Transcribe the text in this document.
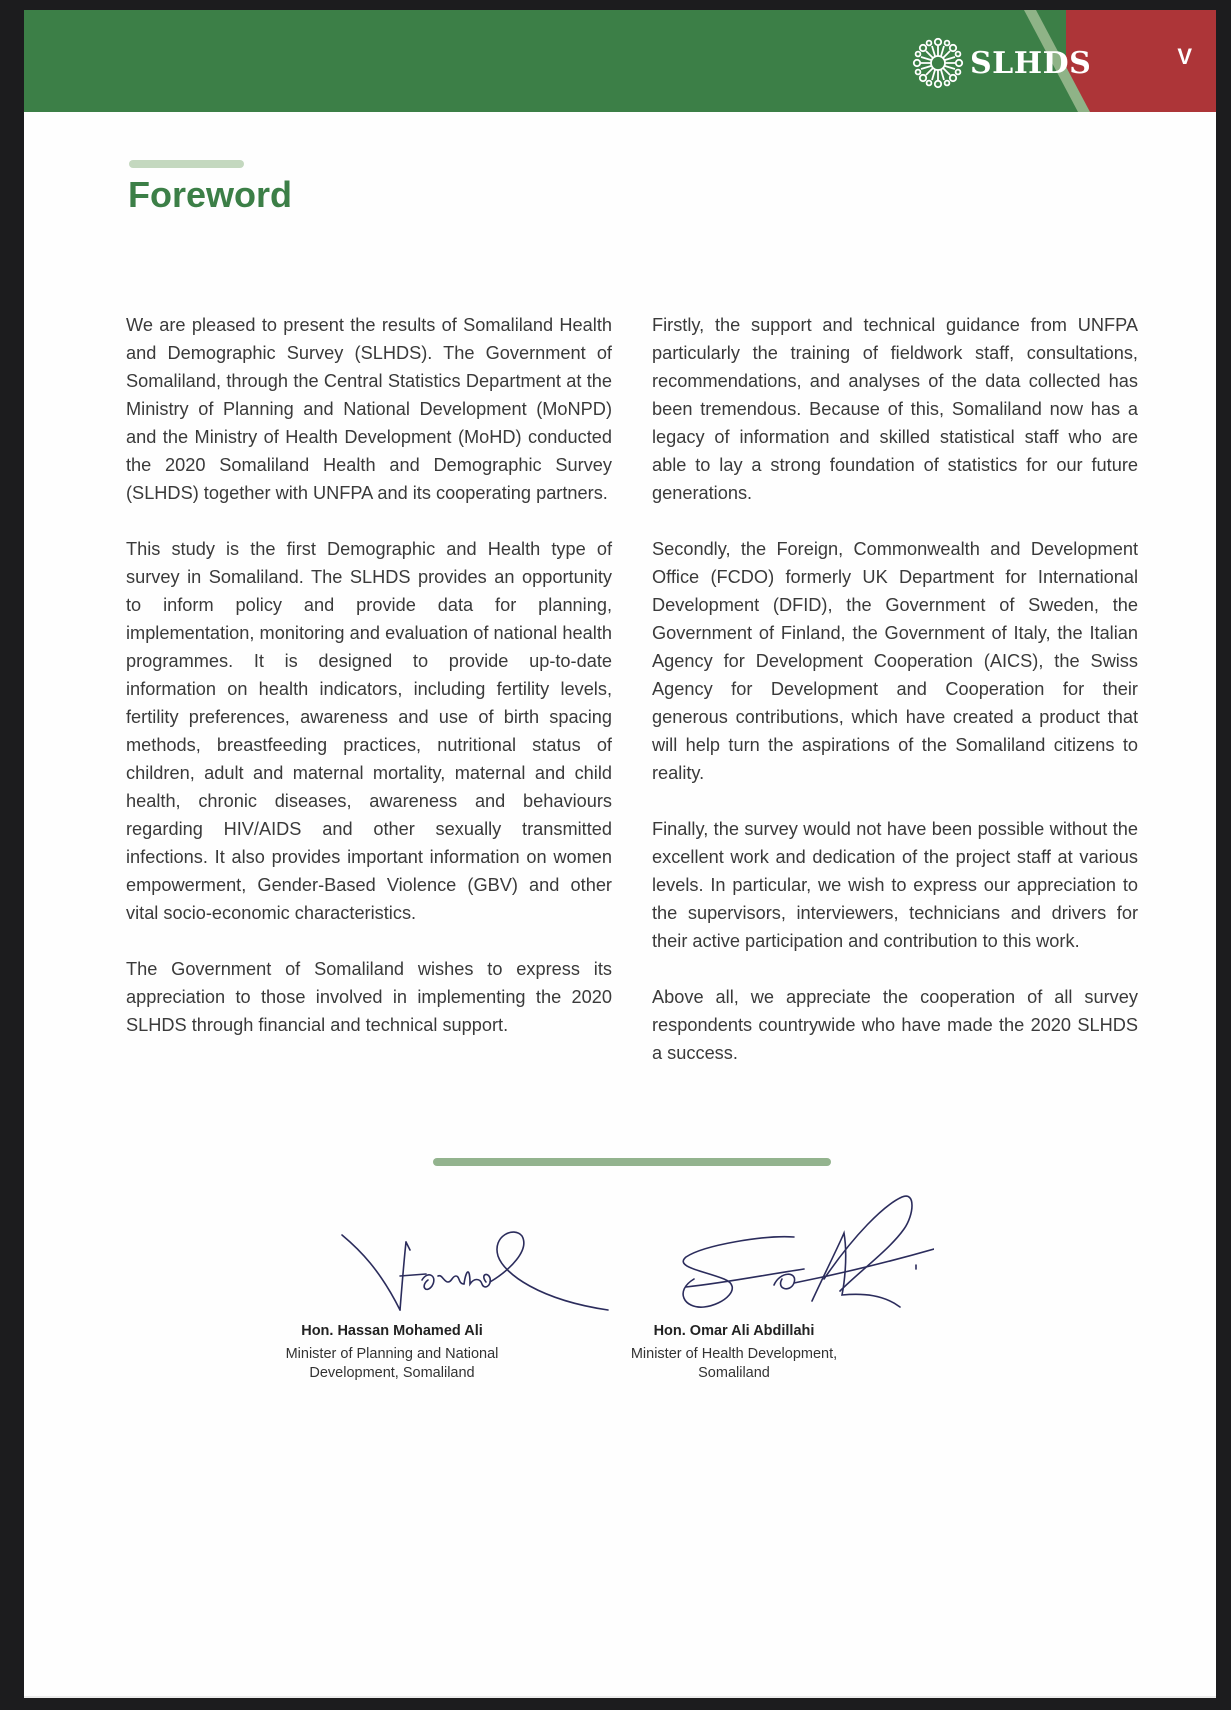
SLHDS	V
Foreword

We are pleased to present the results of Somaliland Health and Demographic Survey (SLHDS). The Government of Somaliland, through the Central Statistics Department at the Ministry of Planning and National Development (MoNPD) and the Ministry of Health Development (MoHD) conducted the 2020 Somaliland Health and Demographic Survey (SLHDS) together with UNFPA and its cooperating partners.

This study is the first Demographic and Health type of survey in Somaliland. The SLHDS provides an opportunity to inform policy and provide data for planning, implementation, monitoring and evaluation of national health programmes. It is designed to provide up-to-date information on health indicators, including fertility levels, fertility preferences, awareness and use of birth spacing methods, breastfeeding practices, nutritional status of children, adult and maternal mortality, maternal and child health, chronic diseases, awareness and behaviours regarding HIV/AIDS and other sexually transmitted infections. It also provides important information on women empowerment, Gender-Based Violence (GBV) and other vital socio-economic characteristics.

The Government of Somaliland wishes to express its appreciation to those involved in implementing the 2020 SLHDS through financial and technical support.

Firstly, the support and technical guidance from UNFPA particularly the training of fieldwork staff, consultations, recommendations, and analyses of the data collected has been tremendous. Because of this, Somaliland now has a legacy of information and skilled statistical staff who are able to lay a strong foundation of statistics for our future generations.

Secondly, the Foreign, Commonwealth and Development Office (FCDO) formerly UK Department for International Development (DFID), the Government of Sweden, the Government of Finland, the Government of Italy, the Italian Agency for Development Cooperation (AICS), the Swiss Agency for Development and Cooperation for their generous contributions, which have created a product that will help turn the aspirations of the Somaliland citizens to reality.

Finally, the survey would not have been possible without the excellent work and dedication of the project staff at various levels. In particular, we wish to express our appreciation to the supervisors, interviewers, technicians and drivers for their active participation and contribution to this work.

Above all, we appreciate the cooperation of all survey respondents countrywide who have made the 2020 SLHDS a success.

Hon. Hassan Mohamed Ali
Minister of Planning and National
Development, Somaliland
Hon. Omar Ali Abdillahi
Minister of Health Development,
Somaliland
